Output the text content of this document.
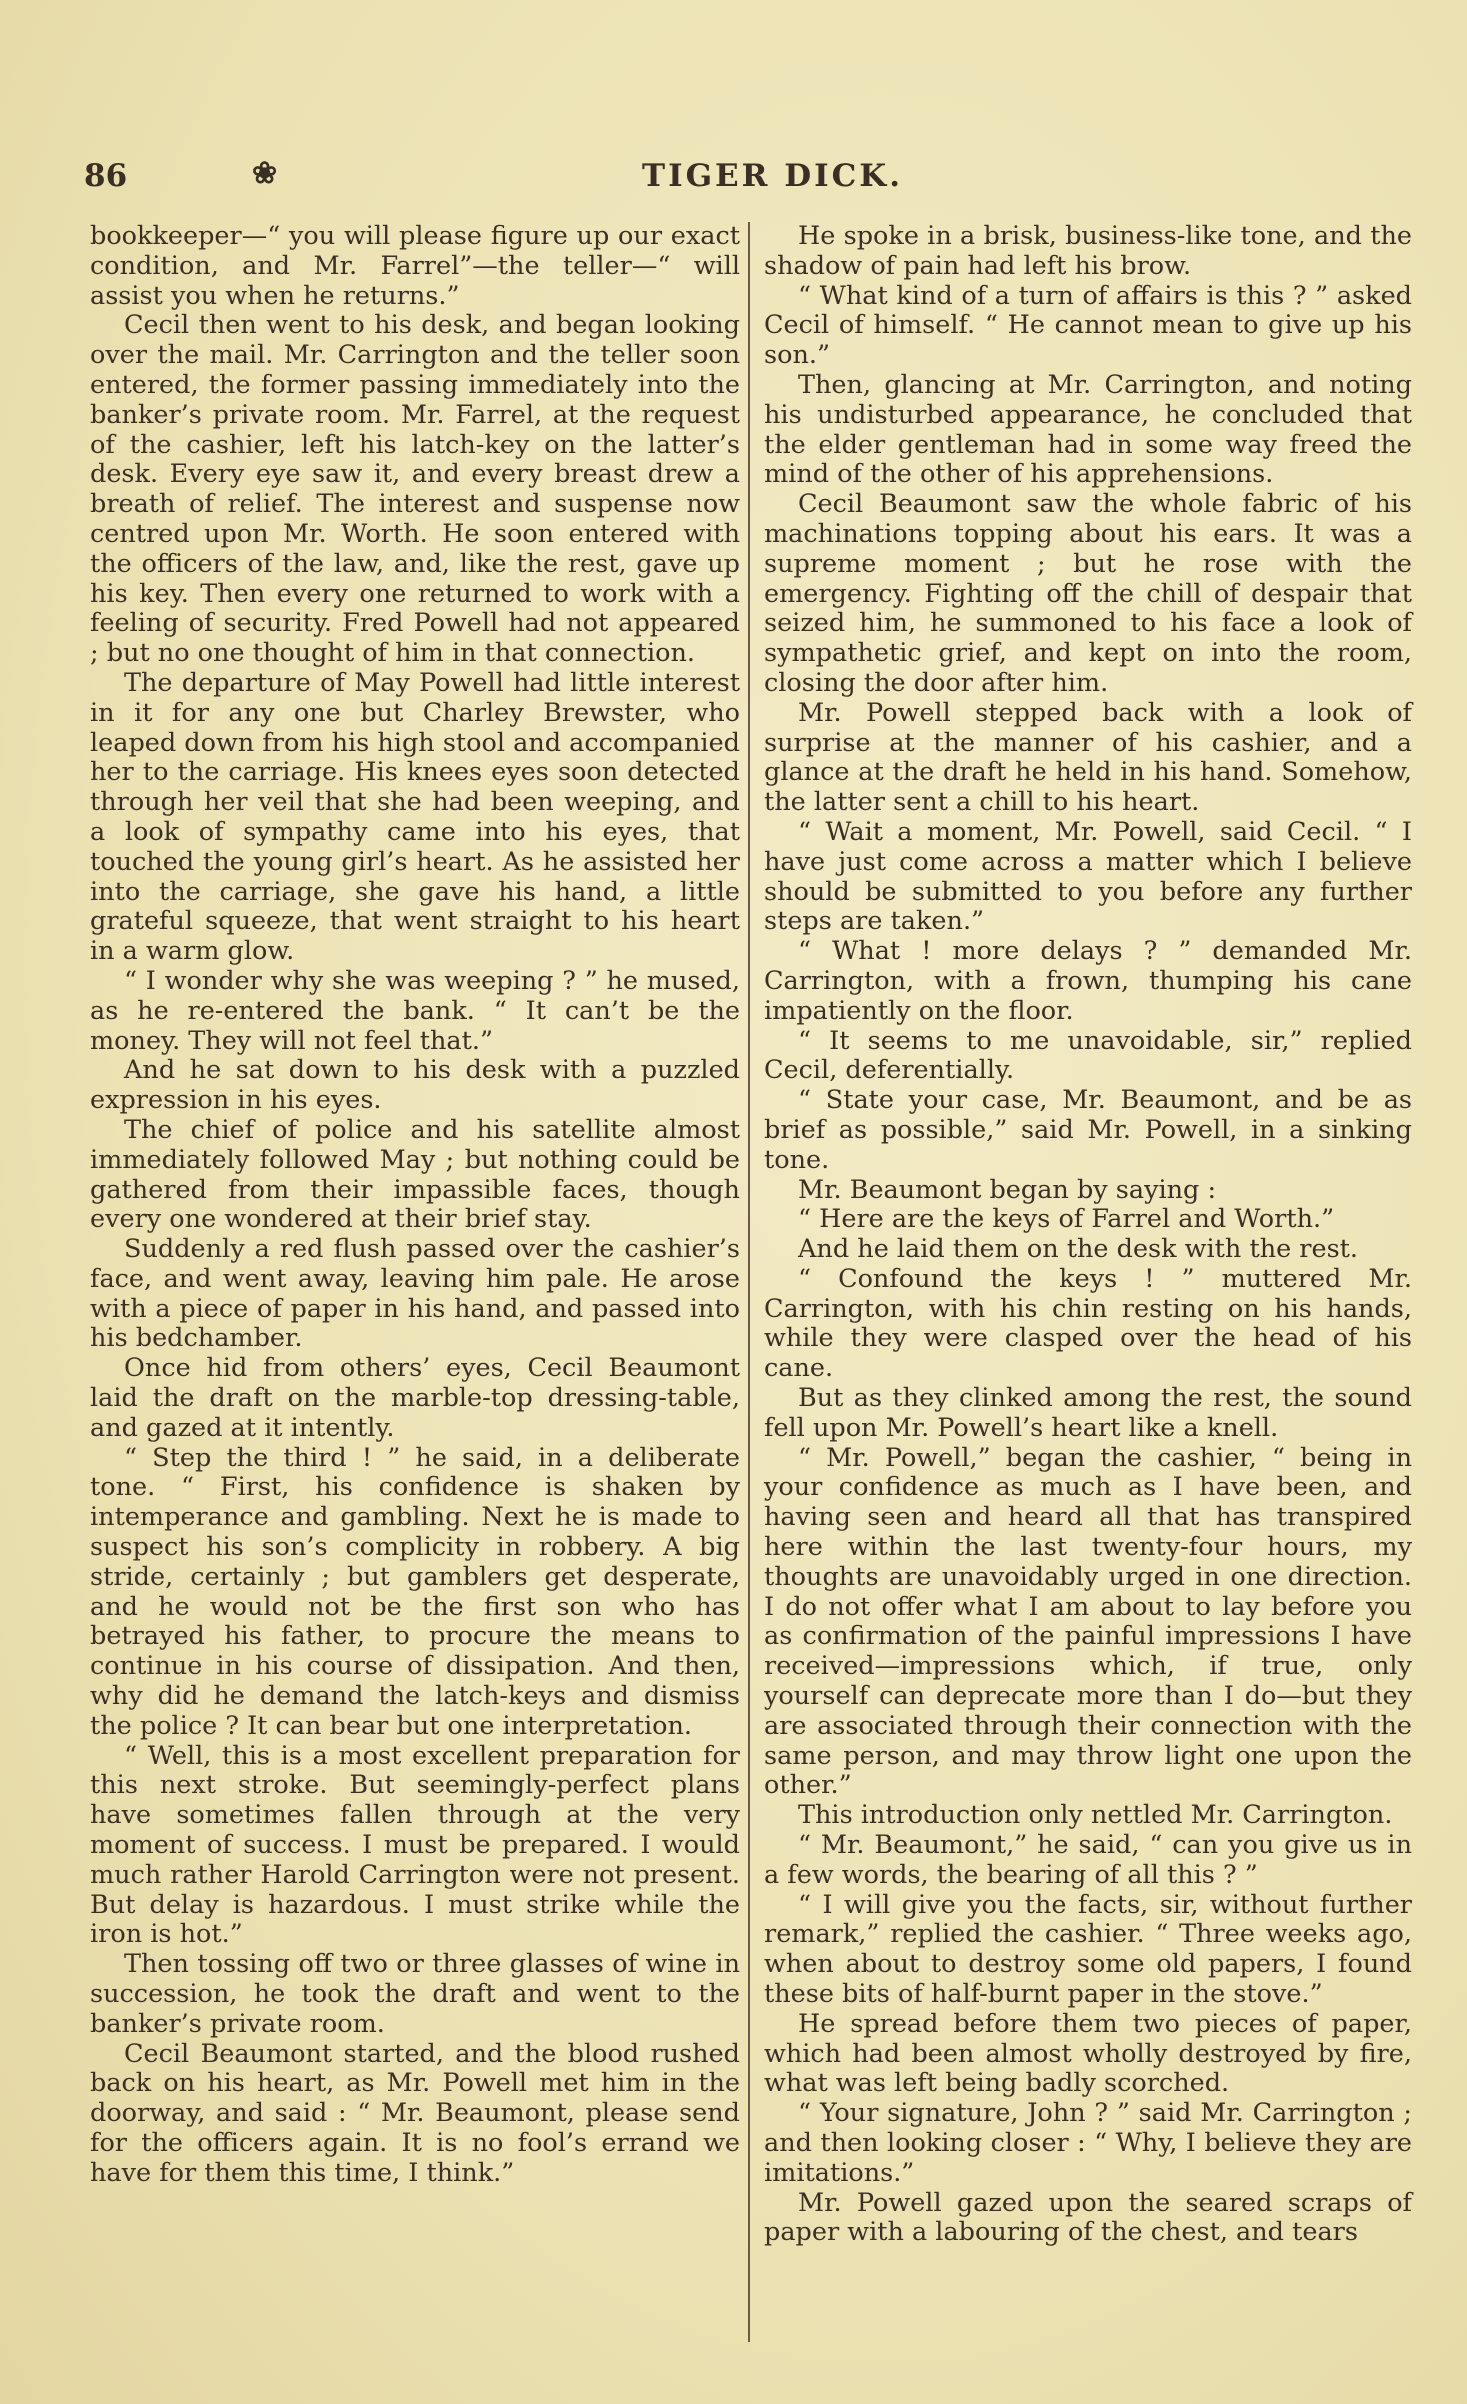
86	❀	TIGER DICK.

bookkeeper—“ you will please figure up our exact condition, and Mr. Farrel”—the teller—“ will assist you when he returns.”

Cecil then went to his desk, and began looking over the mail. Mr. Carrington and the teller soon entered, the former passing immediately into the banker’s private room. Mr. Farrel, at the request of the cashier, left his latch-key on the latter’s desk. Every eye saw it, and every breast drew a breath of relief. The interest and suspense now centred upon Mr. Worth. He soon entered with the officers of the law, and, like the rest, gave up his key. Then every one returned to work with a feeling of security. Fred Powell had not appeared ; but no one thought of him in that connection.

The departure of May Powell had little interest in it for any one but Charley Brewster, who leaped down from his high stool and accompanied her to the carriage. His knees eyes soon detected through her veil that she had been weeping, and a look of sympathy came into his eyes, that touched the young girl’s heart. As he assisted her into the carriage, she gave his hand, a little grateful squeeze, that went straight to his heart in a warm glow.

“ I wonder why she was weeping ? ” he mused, as he re-entered the bank. “ It can’t be the money. They will not feel that.”

And he sat down to his desk with a puzzled expression in his eyes.

The chief of police and his satellite almost immediately followed May ; but nothing could be gathered from their impassible faces, though every one wondered at their brief stay.

Suddenly a red flush passed over the cashier’s face, and went away, leaving him pale. He arose with a piece of paper in his hand, and passed into his bedchamber.

Once hid from others’ eyes, Cecil Beaumont laid the draft on the marble-top dressing-table, and gazed at it intently.

“ Step the third ! ” he said, in a deliberate tone. “ First, his confidence is shaken by intemperance and gambling. Next he is made to suspect his son’s complicity in robbery. A big stride, certainly ; but gamblers get desperate, and he would not be the first son who has betrayed his father, to procure the means to continue in his course of dissipation. And then, why did he demand the latch-keys and dismiss the police ? It can bear but one interpretation.

“ Well, this is a most excellent preparation for this next stroke. But seemingly-perfect plans have sometimes fallen through at the very moment of success. I must be prepared. I would much rather Harold Carrington were not present. But delay is hazardous. I must strike while the iron is hot.”

Then tossing off two or three glasses of wine in succession, he took the draft and went to the banker’s private room.

Cecil Beaumont started, and the blood rushed back on his heart, as Mr. Powell met him in the doorway, and said : “ Mr. Beaumont, please send for the officers again. It is no fool’s errand we have for them this time, I think.”

He spoke in a brisk, business-like tone, and the shadow of pain had left his brow.

“ What kind of a turn of affairs is this ? ” asked Cecil of himself. “ He cannot mean to give up his son.”

Then, glancing at Mr. Carrington, and noting his undisturbed appearance, he concluded that the elder gentleman had in some way freed the mind of the other of his apprehensions.

Cecil Beaumont saw the whole fabric of his machinations topping about his ears. It was a supreme moment ; but he rose with the emergency. Fighting off the chill of despair that seized him, he summoned to his face a look of sympathetic grief, and kept on into the room, closing the door after him.

Mr. Powell stepped back with a look of surprise at the manner of his cashier, and a glance at the draft he held in his hand. Somehow, the latter sent a chill to his heart.

“ Wait a moment, Mr. Powell, said Cecil. “ I have just come across a matter which I believe should be submitted to you before any further steps are taken.”

“ What ! more delays ? ” demanded Mr. Carrington, with a frown, thumping his cane impatiently on the floor.

“ It seems to me unavoidable, sir,” replied Cecil, deferentially.

“ State your case, Mr. Beaumont, and be as brief as possible,” said Mr. Powell, in a sinking tone.

Mr. Beaumont began by saying :

“ Here are the keys of Farrel and Worth.”

And he laid them on the desk with the rest.

“ Confound the keys ! ” muttered Mr. Carrington, with his chin resting on his hands, while they were clasped over the head of his cane.

But as they clinked among the rest, the sound fell upon Mr. Powell’s heart like a knell.

“ Mr. Powell,” began the cashier, “ being in your confidence as much as I have been, and having seen and heard all that has transpired here within the last twenty-four hours, my thoughts are unavoidably urged in one direction. I do not offer what I am about to lay before you as confirmation of the painful impressions I have received—impressions which, if true, only yourself can deprecate more than I do—but they are associated through their connection with the same person, and may throw light one upon the other.”

This introduction only nettled Mr. Carrington.

“ Mr. Beaumont,” he said, “ can you give us in a few words, the bearing of all this ? ”

“ I will give you the facts, sir, without further remark,” replied the cashier. “ Three weeks ago, when about to destroy some old papers, I found these bits of half-burnt paper in the stove.”

He spread before them two pieces of paper, which had been almost wholly destroyed by fire, what was left being badly scorched.

“ Your signature, John ? ” said Mr. Carrington ; and then looking closer : “ Why, I believe they are imitations.”

Mr. Powell gazed upon the seared scraps of paper with a labouring of the chest, and tears
